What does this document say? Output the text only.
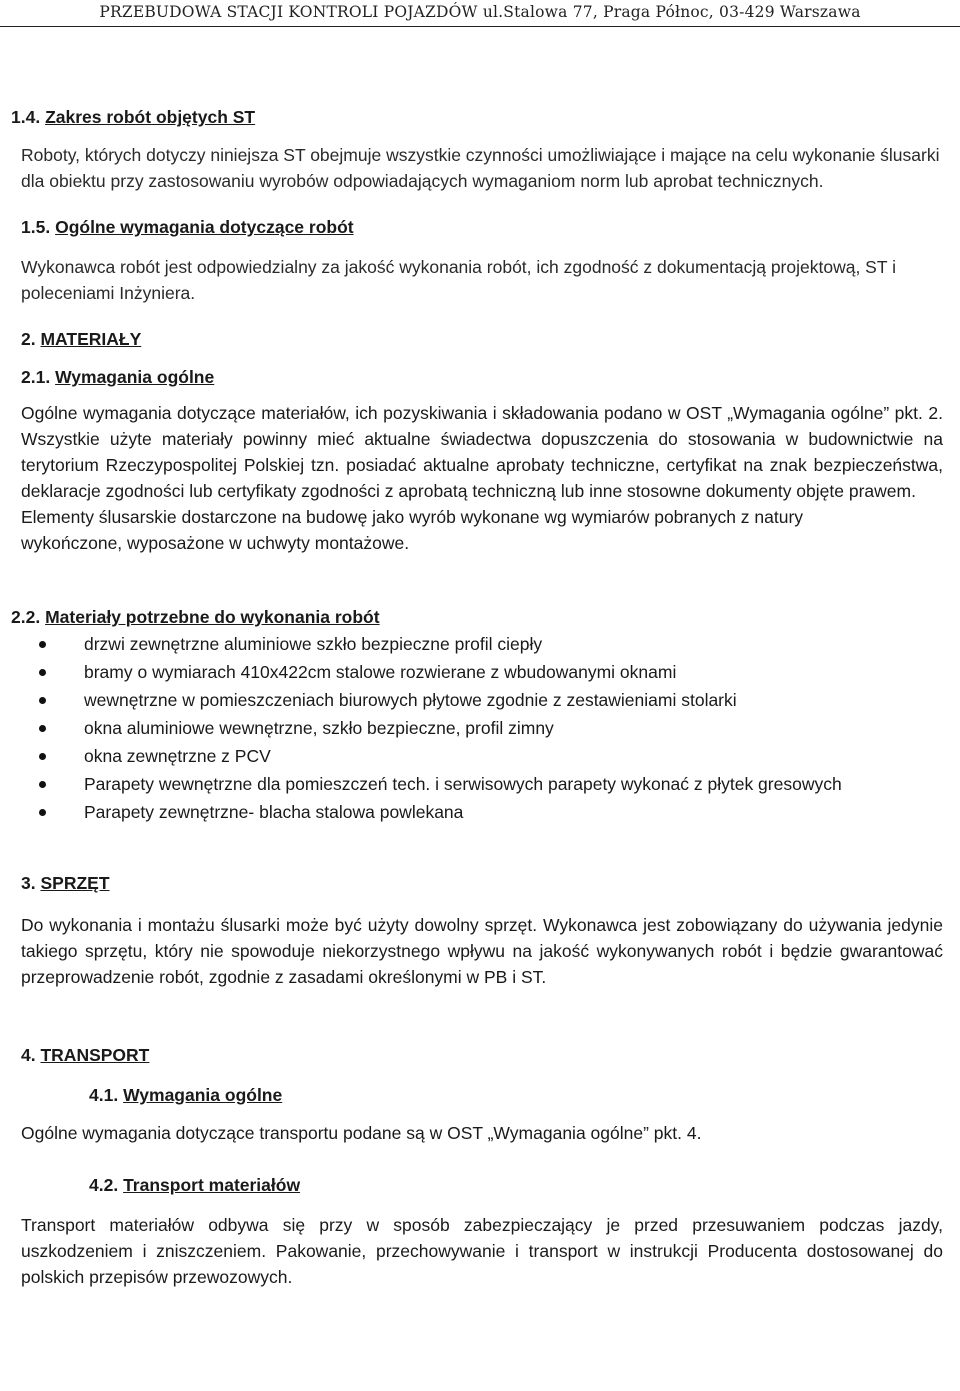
PRZEBUDOWA STACJI KONTROLI POJAZDÓW ul.Stalowa 77, Praga Północ, 03-429 Warszawa
1.4. Zakres robót objętych ST

Roboty, których dotyczy niniejsza ST obejmuje wszystkie czynności umożliwiające i mające na celu wykonanie ślusarki dla obiektu przy zastosowaniu wyrobów odpowiadających wymaganiom norm lub aprobat technicznych.

1.5. Ogólne wymagania dotyczące robót

Wykonawca robót jest odpowiedzialny za jakość wykonania robót, ich zgodność z dokumentacją projektową, ST i poleceniami Inżyniera.

2. MATERIAŁY
2.1. Wymagania ogólne

Ogólne wymagania dotyczące materiałów, ich pozyskiwania i składowania podano w OST „Wymagania ogólne” pkt. 2. Wszystkie użyte materiały powinny mieć aktualne świadectwa dopuszczenia do stosowania w budownictwie na terytorium Rzeczypospolitej Polskiej tzn. posiadać aktualne aprobaty techniczne, certyfikat na znak bezpieczeństwa, deklaracje zgodności lub certyfikaty zgodności z aprobatą techniczną lub inne stosowne dokumenty objęte prawem.

Elementy ślusarskie dostarczone na budowę jako wyrób wykonane wg wymiarów pobranych z natury

wykończone, wyposażone w uchwyty montażowe.

2.2. Materiały potrzebne do wykonania robót
drzwi zewnętrzne aluminiowe szkło bezpieczne profil ciepły
bramy o wymiarach 410x422cm stalowe rozwierane z wbudowanymi oknami
wewnętrzne w pomieszczeniach biurowych płytowe zgodnie z zestawieniami stolarki
okna aluminiowe wewnętrzne, szkło bezpieczne, profil zimny
okna zewnętrzne z PCV
Parapety wewnętrzne dla pomieszczeń tech. i serwisowych parapety wykonać z płytek gresowych
Parapety zewnętrzne- blacha stalowa powlekana
3. SPRZĘT

Do wykonania i montażu ślusarki może być użyty dowolny sprzęt. Wykonawca jest zobowiązany do używania jedynie takiego sprzętu, który nie spowoduje niekorzystnego wpływu na jakość wykonywanych robót i będzie gwarantować przeprowadzenie robót, zgodnie z zasadami określonymi w PB i ST.

4. TRANSPORT
4.1. Wymagania ogólne

Ogólne wymagania dotyczące transportu podane są w OST „Wymagania ogólne” pkt. 4.

4.2. Transport materiałów

Transport materiałów odbywa się przy w sposób zabezpieczający je przed przesuwaniem podczas jazdy, uszkodzeniem i zniszczeniem. Pakowanie, przechowywanie i transport w instrukcji Producenta dostosowanej do polskich przepisów przewozowych.
